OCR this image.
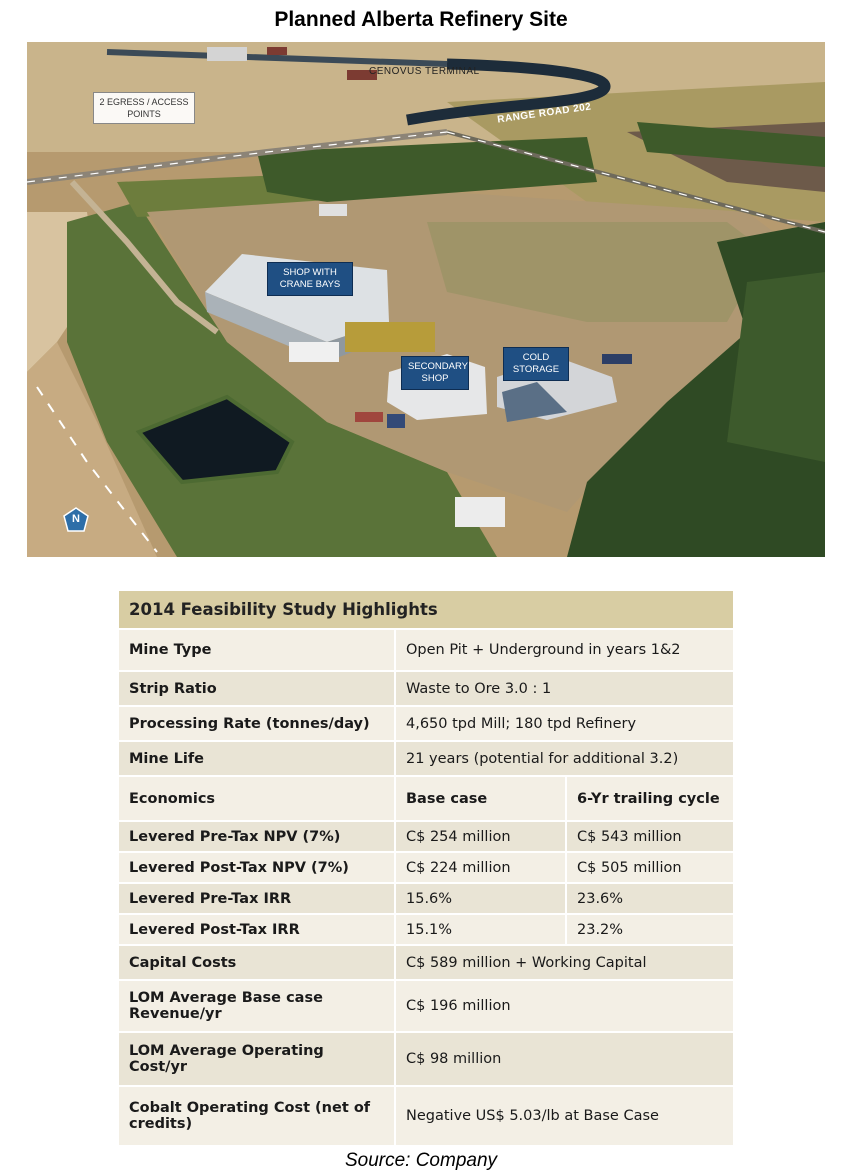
Planned Alberta Refinery Site
2 EGRESS / ACCESS POINTS
CENOVUS TERMINAL
RANGE ROAD 202
SHOP WITH CRANE BAYS
SECONDARY SHOP
COLD STORAGE
N
2014 Feasibility Study Highlights		
Mine Type	Open Pit + Underground in years 1&2	
Strip Ratio	Waste to Ore 3.0 : 1	
Processing Rate (tonnes/day)	4,650 tpd Mill; 180 tpd Refinery	
Mine Life	21 years (potential for additional 3.2)	
Economics	Base case	6-Yr trailing cycle
Levered Pre-Tax NPV (7%)	C$ 254 million	C$ 543 million
Levered Post-Tax NPV (7%)	C$ 224 million	C$ 505 million
Levered Pre-Tax IRR	15.6%	23.6%
Levered Post-Tax IRR	15.1%	23.2%
Capital Costs	C$ 589 million + Working Capital	
LOM Average Base case Revenue/yr	C$ 196 million	
LOM Average Operating Cost/yr	C$ 98 million	
Cobalt Operating Cost (net of credits)	Negative US$ 5.03/lb at Base Case	
Source: Company
